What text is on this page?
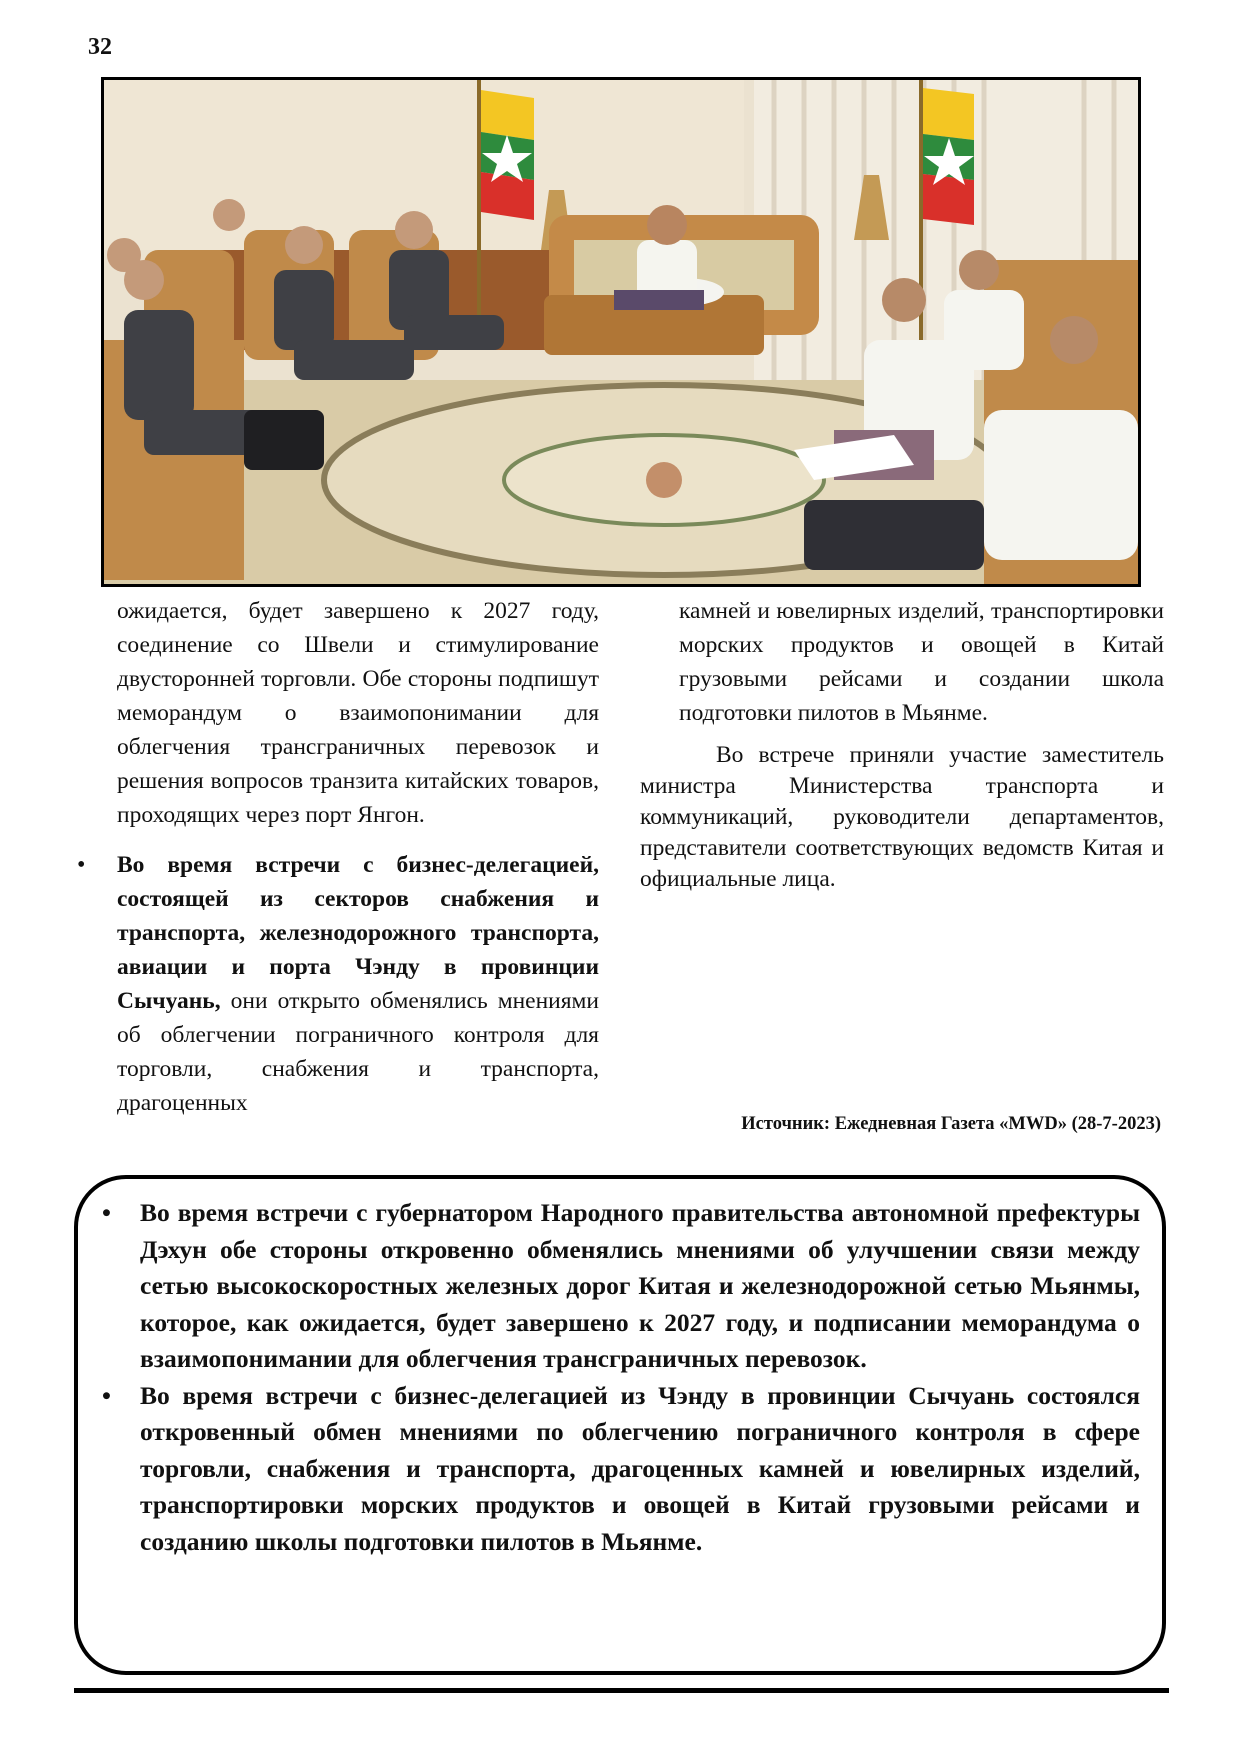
32

ожидается, будет завершено к 2027 году, соединение со Швели и стимулирование двусторонней торговли. Обе стороны подпишут меморандум о взаимопонимании для облегчения трансграничных перевозок и решения вопросов транзита китайских товаров, проходящих через порт Янгон.

• Во время встречи с бизнес-делегацией, состоящей из секторов снабжения и транспорта, железнодорожного транспорта, авиации и порта Чэнду в провинции Сычуань, они открыто обменялись мнениями об облегчении пограничного контроля для торговли, снабжения и транспорта, драгоценных

камней и ювелирных изделий, транспортировки морских продуктов и овощей в Китай грузовыми рейсами и создании школа подготовки пилотов в Мьянме.

Во встрече приняли участие заместитель министра Министерства транспорта и коммуникаций, руководители департаментов, представители соответствующих ведомств Китая и официальные лица.

Источник: Ежедневная Газета «MWD» (28-7-2023)
• Во время встречи с губернатором Народного правительства автономной префектуры Дэхун обе стороны откровенно обменялись мнениями об улучшении связи между сетью высокоскоростных железных дорог Китая и железнодорожной сетью Мьянмы, которое, как ожидается, будет завершено к 2027 году, и подписании меморандума о взаимопонимании для облегчения трансграничных перевозок.
• Во время встречи с бизнес-делегацией из Чэнду в провинции Сычуань состоялся откровенный обмен мнениями по облегчению пограничного контроля в сфере торговли, снабжения и транспорта, драгоценных камней и ювелирных изделий, транспортировки морских продуктов и овощей в Китай грузовыми рейсами и созданию школы подготовки пилотов в Мьянме.
